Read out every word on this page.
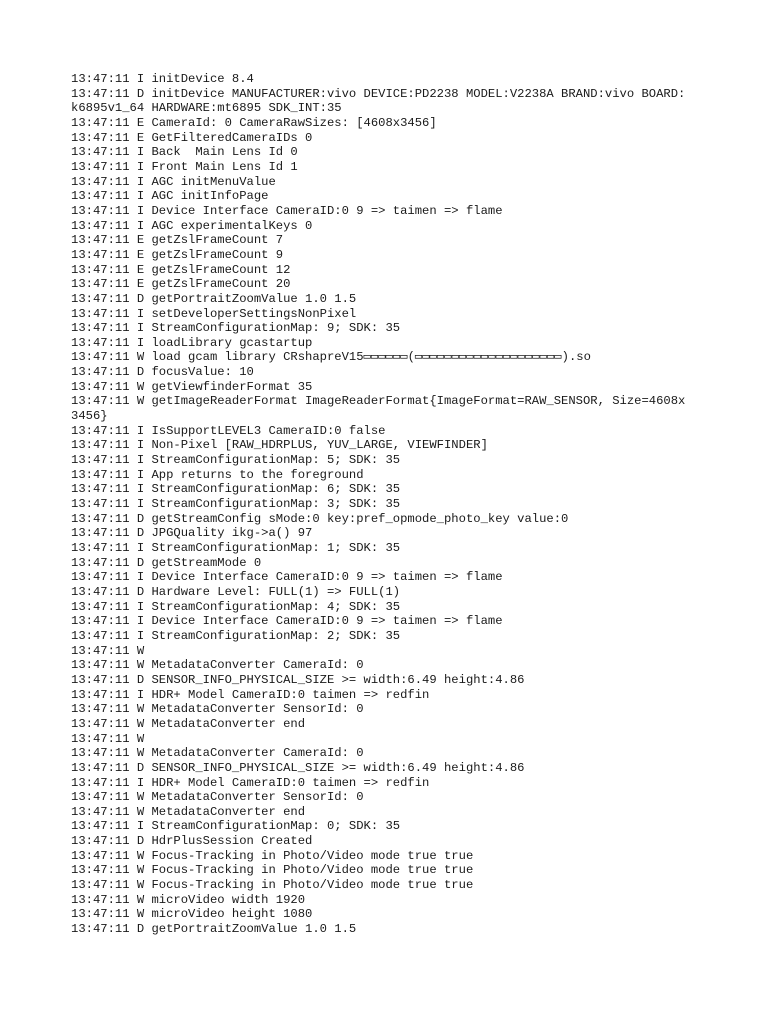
13:47:11 I initDevice 8.4
13:47:11 D initDevice MANUFACTURER:vivo DEVICE:PD2238 MODEL:V2238A BRAND:vivo BOARD:k6895v1_64 HARDWARE:mt6895 SDK_INT:35
13:47:11 E CameraId: 0 CameraRawSizes: [4608x3456]
13:47:11 E GetFilteredCameraIDs 0
13:47:11 I Back  Main Lens Id 0
13:47:11 I Front Main Lens Id 1
13:47:11 I AGC initMenuValue
13:47:11 I AGC initInfoPage
13:47:11 I Device Interface CameraID:0 9 => taimen => flame
13:47:11 I AGC experimentalKeys 0
13:47:11 E getZslFrameCount 7
13:47:11 E getZslFrameCount 9
13:47:11 E getZslFrameCount 12
13:47:11 E getZslFrameCount 20
13:47:11 D getPortraitZoomValue 1.0 1.5
13:47:11 I setDeveloperSettingsNonPixel
13:47:11 I StreamConfigurationMap: 9; SDK: 35
13:47:11 I loadLibrary gcastartup
13:47:11 W load gcam library CRshapreV15▭▭▭▭▭▭(▭▭▭▭▭▭▭▭▭▭▭▭▭▭▭▭▭▭▭▭).so
13:47:11 D focusValue: 10
13:47:11 W getViewfinderFormat 35
13:47:11 W getImageReaderFormat ImageReaderFormat{ImageFormat=RAW_SENSOR, Size=4608x3456}
13:47:11 I IsSupportLEVEL3 CameraID:0 false
13:47:11 I Non-Pixel [RAW_HDRPLUS, YUV_LARGE, VIEWFINDER]
13:47:11 I StreamConfigurationMap: 5; SDK: 35
13:47:11 I App returns to the foreground
13:47:11 I StreamConfigurationMap: 6; SDK: 35
13:47:11 I StreamConfigurationMap: 3; SDK: 35
13:47:11 D getStreamConfig sMode:0 key:pref_opmode_photo_key value:0
13:47:11 D JPGQuality ikg->a() 97
13:47:11 I StreamConfigurationMap: 1; SDK: 35
13:47:11 D getStreamMode 0
13:47:11 I Device Interface CameraID:0 9 => taimen => flame
13:47:11 D Hardware Level: FULL(1) => FULL(1)
13:47:11 I StreamConfigurationMap: 4; SDK: 35
13:47:11 I Device Interface CameraID:0 9 => taimen => flame
13:47:11 I StreamConfigurationMap: 2; SDK: 35
13:47:11 W
13:47:11 W MetadataConverter CameraId: 0
13:47:11 D SENSOR_INFO_PHYSICAL_SIZE >= width:6.49 height:4.86
13:47:11 I HDR+ Model CameraID:0 taimen => redfin
13:47:11 W MetadataConverter SensorId: 0
13:47:11 W MetadataConverter end
13:47:11 W
13:47:11 W MetadataConverter CameraId: 0
13:47:11 D SENSOR_INFO_PHYSICAL_SIZE >= width:6.49 height:4.86
13:47:11 I HDR+ Model CameraID:0 taimen => redfin
13:47:11 W MetadataConverter SensorId: 0
13:47:11 W MetadataConverter end
13:47:11 I StreamConfigurationMap: 0; SDK: 35
13:47:11 D HdrPlusSession Created
13:47:11 W Focus-Tracking in Photo/Video mode true true
13:47:11 W Focus-Tracking in Photo/Video mode true true
13:47:11 W Focus-Tracking in Photo/Video mode true true
13:47:11 W microVideo width 1920
13:47:11 W microVideo height 1080
13:47:11 D getPortraitZoomValue 1.0 1.5
